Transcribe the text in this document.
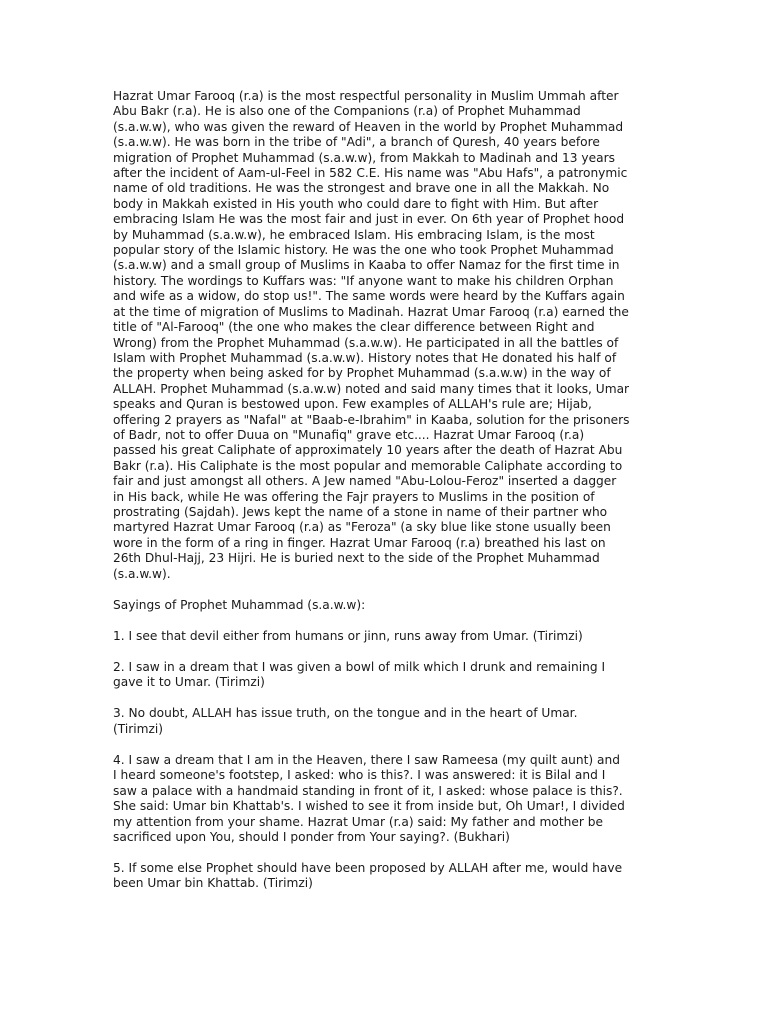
Hazrat Umar Farooq (r.a) is the most respectful personality in Muslim Ummah after
Abu Bakr (r.a). He is also one of the Companions (r.a) of Prophet Muhammad
(s.a.w.w), who was given the reward of Heaven in the world by Prophet Muhammad
(s.a.w.w). He was born in the tribe of "Adi", a branch of Quresh, 40 years before
migration of Prophet Muhammad (s.a.w.w), from Makkah to Madinah and 13 years
after the incident of Aam-ul-Feel in 582 C.E. His name was "Abu Hafs", a patronymic
name of old traditions. He was the strongest and brave one in all the Makkah. No
body in Makkah existed in His youth who could dare to fight with Him. But after
embracing Islam He was the most fair and just in ever. On 6th year of Prophet hood
by Muhammad (s.a.w.w), he embraced Islam. His embracing Islam, is the most
popular story of the Islamic history. He was the one who took Prophet Muhammad
(s.a.w.w) and a small group of Muslims in Kaaba to offer Namaz for the first time in
history. The wordings to Kuffars was: "If anyone want to make his children Orphan
and wife as a widow, do stop us!". The same words were heard by the Kuffars again
at the time of migration of Muslims to Madinah. Hazrat Umar Farooq (r.a) earned the
title of "Al-Farooq" (the one who makes the clear difference between Right and
Wrong) from the Prophet Muhammad (s.a.w.w). He participated in all the battles of
Islam with Prophet Muhammad (s.a.w.w). History notes that He donated his half of
the property when being asked for by Prophet Muhammad (s.a.w.w) in the way of
ALLAH. Prophet Muhammad (s.a.w.w) noted and said many times that it looks, Umar
speaks and Quran is bestowed upon. Few examples of ALLAH's rule are; Hijab,
offering 2 prayers as "Nafal" at "Baab-e-Ibrahim" in Kaaba, solution for the prisoners
of Badr, not to offer Duua on "Munafiq" grave etc.... Hazrat Umar Farooq (r.a)
passed his great Caliphate of approximately 10 years after the death of Hazrat Abu
Bakr (r.a). His Caliphate is the most popular and memorable Caliphate according to
fair and just amongst all others. A Jew named "Abu-Lolou-Feroz" inserted a dagger
in His back, while He was offering the Fajr prayers to Muslims in the position of
prostrating (Sajdah). Jews kept the name of a stone in name of their partner who
martyred Hazrat Umar Farooq (r.a) as "Feroza" (a sky blue like stone usually been
wore in the form of a ring in finger. Hazrat Umar Farooq (r.a) breathed his last on
26th Dhul-Hajj, 23 Hijri. He is buried next to the side of the Prophet Muhammad
(s.a.w.w).
Sayings of Prophet Muhammad (s.a.w.w):
1. I see that devil either from humans or jinn, runs away from Umar. (Tirimzi)
2. I saw in a dream that I was given a bowl of milk which I drunk and remaining I
gave it to Umar. (Tirimzi)
3. No doubt, ALLAH has issue truth, on the tongue and in the heart of Umar.
(Tirimzi)
4. I saw a dream that I am in the Heaven, there I saw Rameesa (my quilt aunt) and
I heard someone's footstep, I asked: who is this?. I was answered: it is Bilal and I
saw a palace with a handmaid standing in front of it, I asked: whose palace is this?.
She said: Umar bin Khattab's. I wished to see it from inside but, Oh Umar!, I divided
my attention from your shame. Hazrat Umar (r.a) said: My father and mother be
sacrificed upon You, should I ponder from Your saying?. (Bukhari)
5. If some else Prophet should have been proposed by ALLAH after me, would have
been Umar bin Khattab. (Tirimzi)
